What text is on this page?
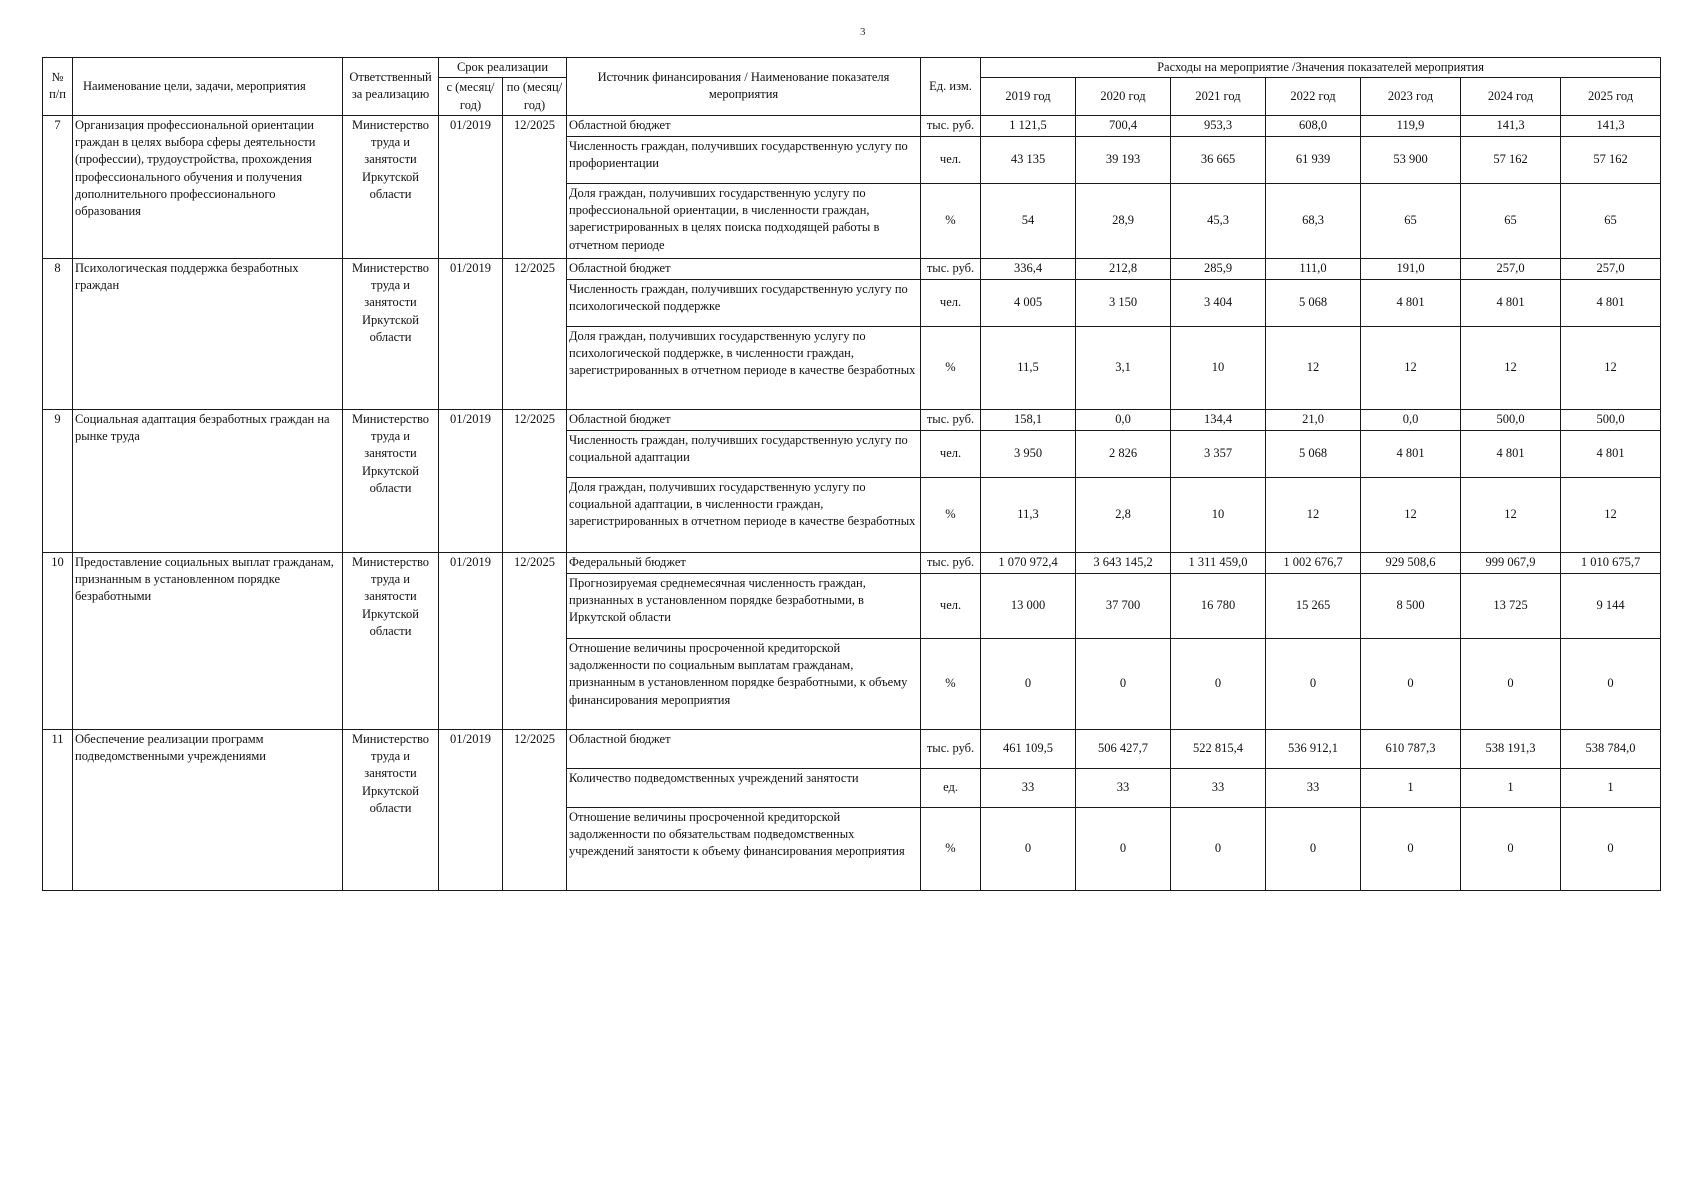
3
№ п/п	Наименование цели, задачи, мероприятия	Ответственный за реализацию	Срок реализации		Источник финансирования / Наименование показателя мероприятия	Ед. изм.	Расходы на мероприятие /Значения показателей мероприятия						
			с (месяц/ год)	по (месяц/ год)			2019 год	2020 год	2021 год	2022 год	2023 год	2024 год	2025 год
7	Организация профессиональной ориентации граждан в целях выбора сферы деятельности (профессии), трудоустройства, прохождения профессионального обучения и получения дополнительного профессионального образования	Министерство труда и занятости Иркутской области	01/2019	12/2025	Областной бюджет	тыс. руб.	1 121,5	700,4	953,3	608,0	119,9	141,3	141,3
					Численность граждан, получивших государственную услугу по профориентации	чел.	43 135	39 193	36 665	61 939	53 900	57 162	57 162
					Доля граждан, получивших государственную услугу по профессиональной ориентации, в численности граждан, зарегистрированных в целях поиска подходящей работы в отчетном периоде	%	54	28,9	45,3	68,3	65	65	65
8	Психологическая поддержка безработных граждан	Министерство труда и занятости Иркутской области	01/2019	12/2025	Областной бюджет	тыс. руб.	336,4	212,8	285,9	111,0	191,0	257,0	257,0
					Численность граждан, получивших государственную услугу по психологической поддержке	чел.	4 005	3 150	3 404	5 068	4 801	4 801	4 801
					Доля граждан, получивших государственную услугу по психологической поддержке, в численности граждан, зарегистрированных в отчетном периоде в качестве безработных	%	11,5	3,1	10	12	12	12	12
9	Социальная адаптация безработных граждан на рынке труда	Министерство труда и занятости Иркутской области	01/2019	12/2025	Областной бюджет	тыс. руб.	158,1	0,0	134,4	21,0	0,0	500,0	500,0
					Численность граждан, получивших государственную услугу по социальной адаптации	чел.	3 950	2 826	3 357	5 068	4 801	4 801	4 801
					Доля граждан, получивших государственную услугу по социальной адаптации, в численности граждан, зарегистрированных в отчетном периоде в качестве безработных	%	11,3	2,8	10	12	12	12	12
10	Предоставление социальных выплат гражданам, признанным в установленном порядке безработными	Министерство труда и занятости Иркутской области	01/2019	12/2025	Федеральный бюджет	тыс. руб.	1 070 972,4	3 643 145,2	1 311 459,0	1 002 676,7	929 508,6	999 067,9	1 010 675,7
					Прогнозируемая среднемесячная численность граждан, признанных в установленном порядке безработными, в Иркутской области	чел.	13 000	37 700	16 780	15 265	8 500	13 725	9 144
					Отношение величины просроченной кредиторской задолженности по социальным выплатам гражданам, признанным в установленном порядке безработными, к объему финансирования мероприятия	%	0	0	0	0	0	0	0
11	Обеспечение реализации программ подведомственными учреждениями	Министерство труда и занятости Иркутской области	01/2019	12/2025	Областной бюджет	тыс. руб.	461 109,5	506 427,7	522 815,4	536 912,1	610 787,3	538 191,3	538 784,0
					Количество подведомственных учреждений занятости	ед.	33	33	33	33	1	1	1
					Отношение величины просроченной кредиторской задолженности по обязательствам подведомственных учреждений занятости к объему финансирования мероприятия	%	0	0	0	0	0	0	0
